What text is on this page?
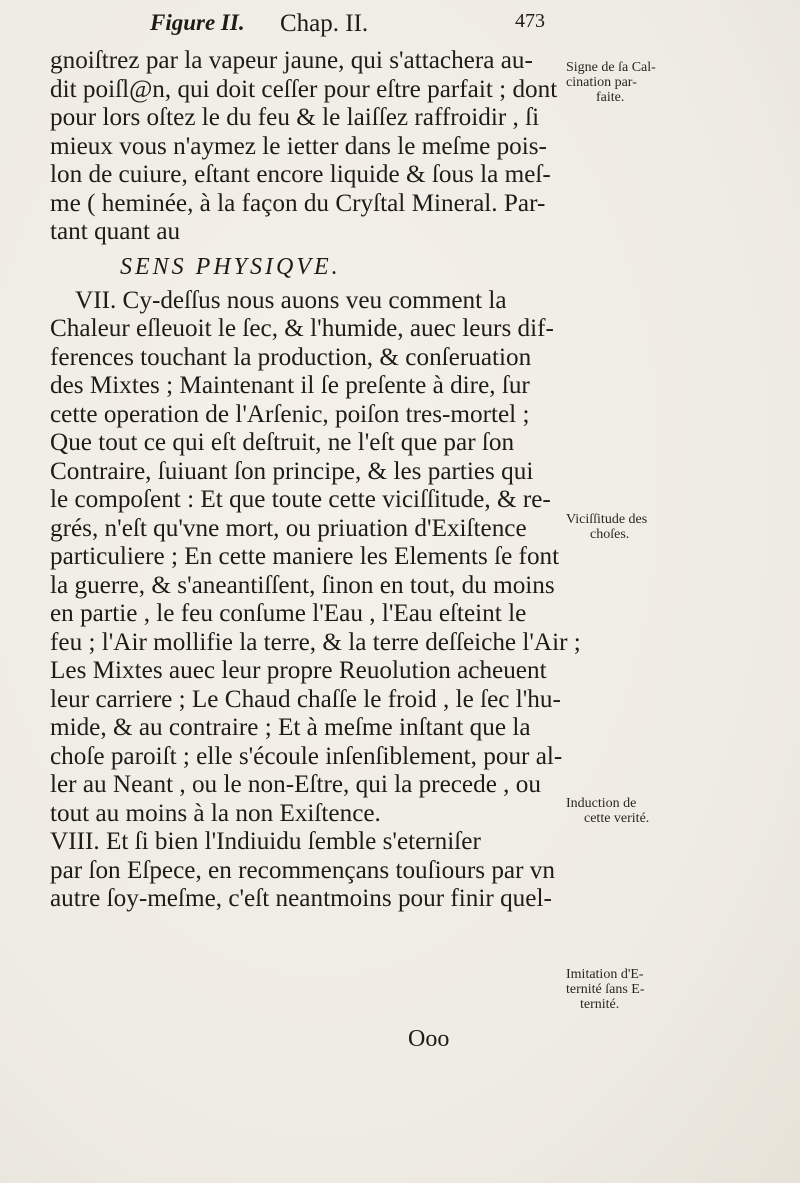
Figure II. Chap. II.	473
gnoiſtrez par la vapeur jaune, qui s'attachera au-
dit poiſl@n, qui doit ceſſer pour eſtre parfait ; dont
pour lors oſtez le du feu & le laiſſez raffroidir , ſi
mieux vous n'aymez le ietter dans le meſme pois-
lon de cuiure, eſtant encore liquide & ſous la meſ-
me ( heminée, à la façon du Cryſtal Mineral. Par-
tant quant au
SENS PHYSIQVE.
VII. Cy-deſſus nous auons veu comment la
Chaleur eſleuoit le ſec, & l'humide, auec leurs dif-
ferences touchant la production, & conſeruation
des Mixtes ; Maintenant il ſe preſente à dire, ſur
cette operation de l'Arſenic, poiſon tres-mortel ;
Que tout ce qui eſt deſtruit, ne l'eſt que par ſon
Contraire, ſuiuant ſon principe, & les parties qui
le compoſent : Et que toute cette viciſſitude, & re-
grés, n'eſt qu'vne mort, ou priuation d'Exiſtence
particuliere ; En cette maniere les Elements ſe font
la guerre, & s'aneantiſſent, ſinon en tout, du moins
en partie , le feu conſume l'Eau , l'Eau eſteint le
feu ; l'Air mollifie la terre, & la terre deſſeiche l'Air ;
Les Mixtes auec leur propre Reuolution acheuent
leur carriere ; Le Chaud chaſſe le froid , le ſec l'hu-
mide, & au contraire ; Et à meſme inſtant que la
choſe paroiſt ; elle s'écoule inſenſiblement, pour al-
ler au Neant , ou le non-Eſtre, qui la precede , ou
tout au moins à la non Exiſtence.
VIII. Et ſi bien l'Indiuidu ſemble s'eterniſer
par ſon Eſpece, en recommençans touſiours par vn
autre ſoy-meſme, c'eſt neantmoins pour finir quel-
Signe de ſa Cal-
cination par-
faite.
Viciſſitude des
choſes.
Induction de
cette verité.
Imitation d'E-
ternité ſans E-
ternité.
Ooo
